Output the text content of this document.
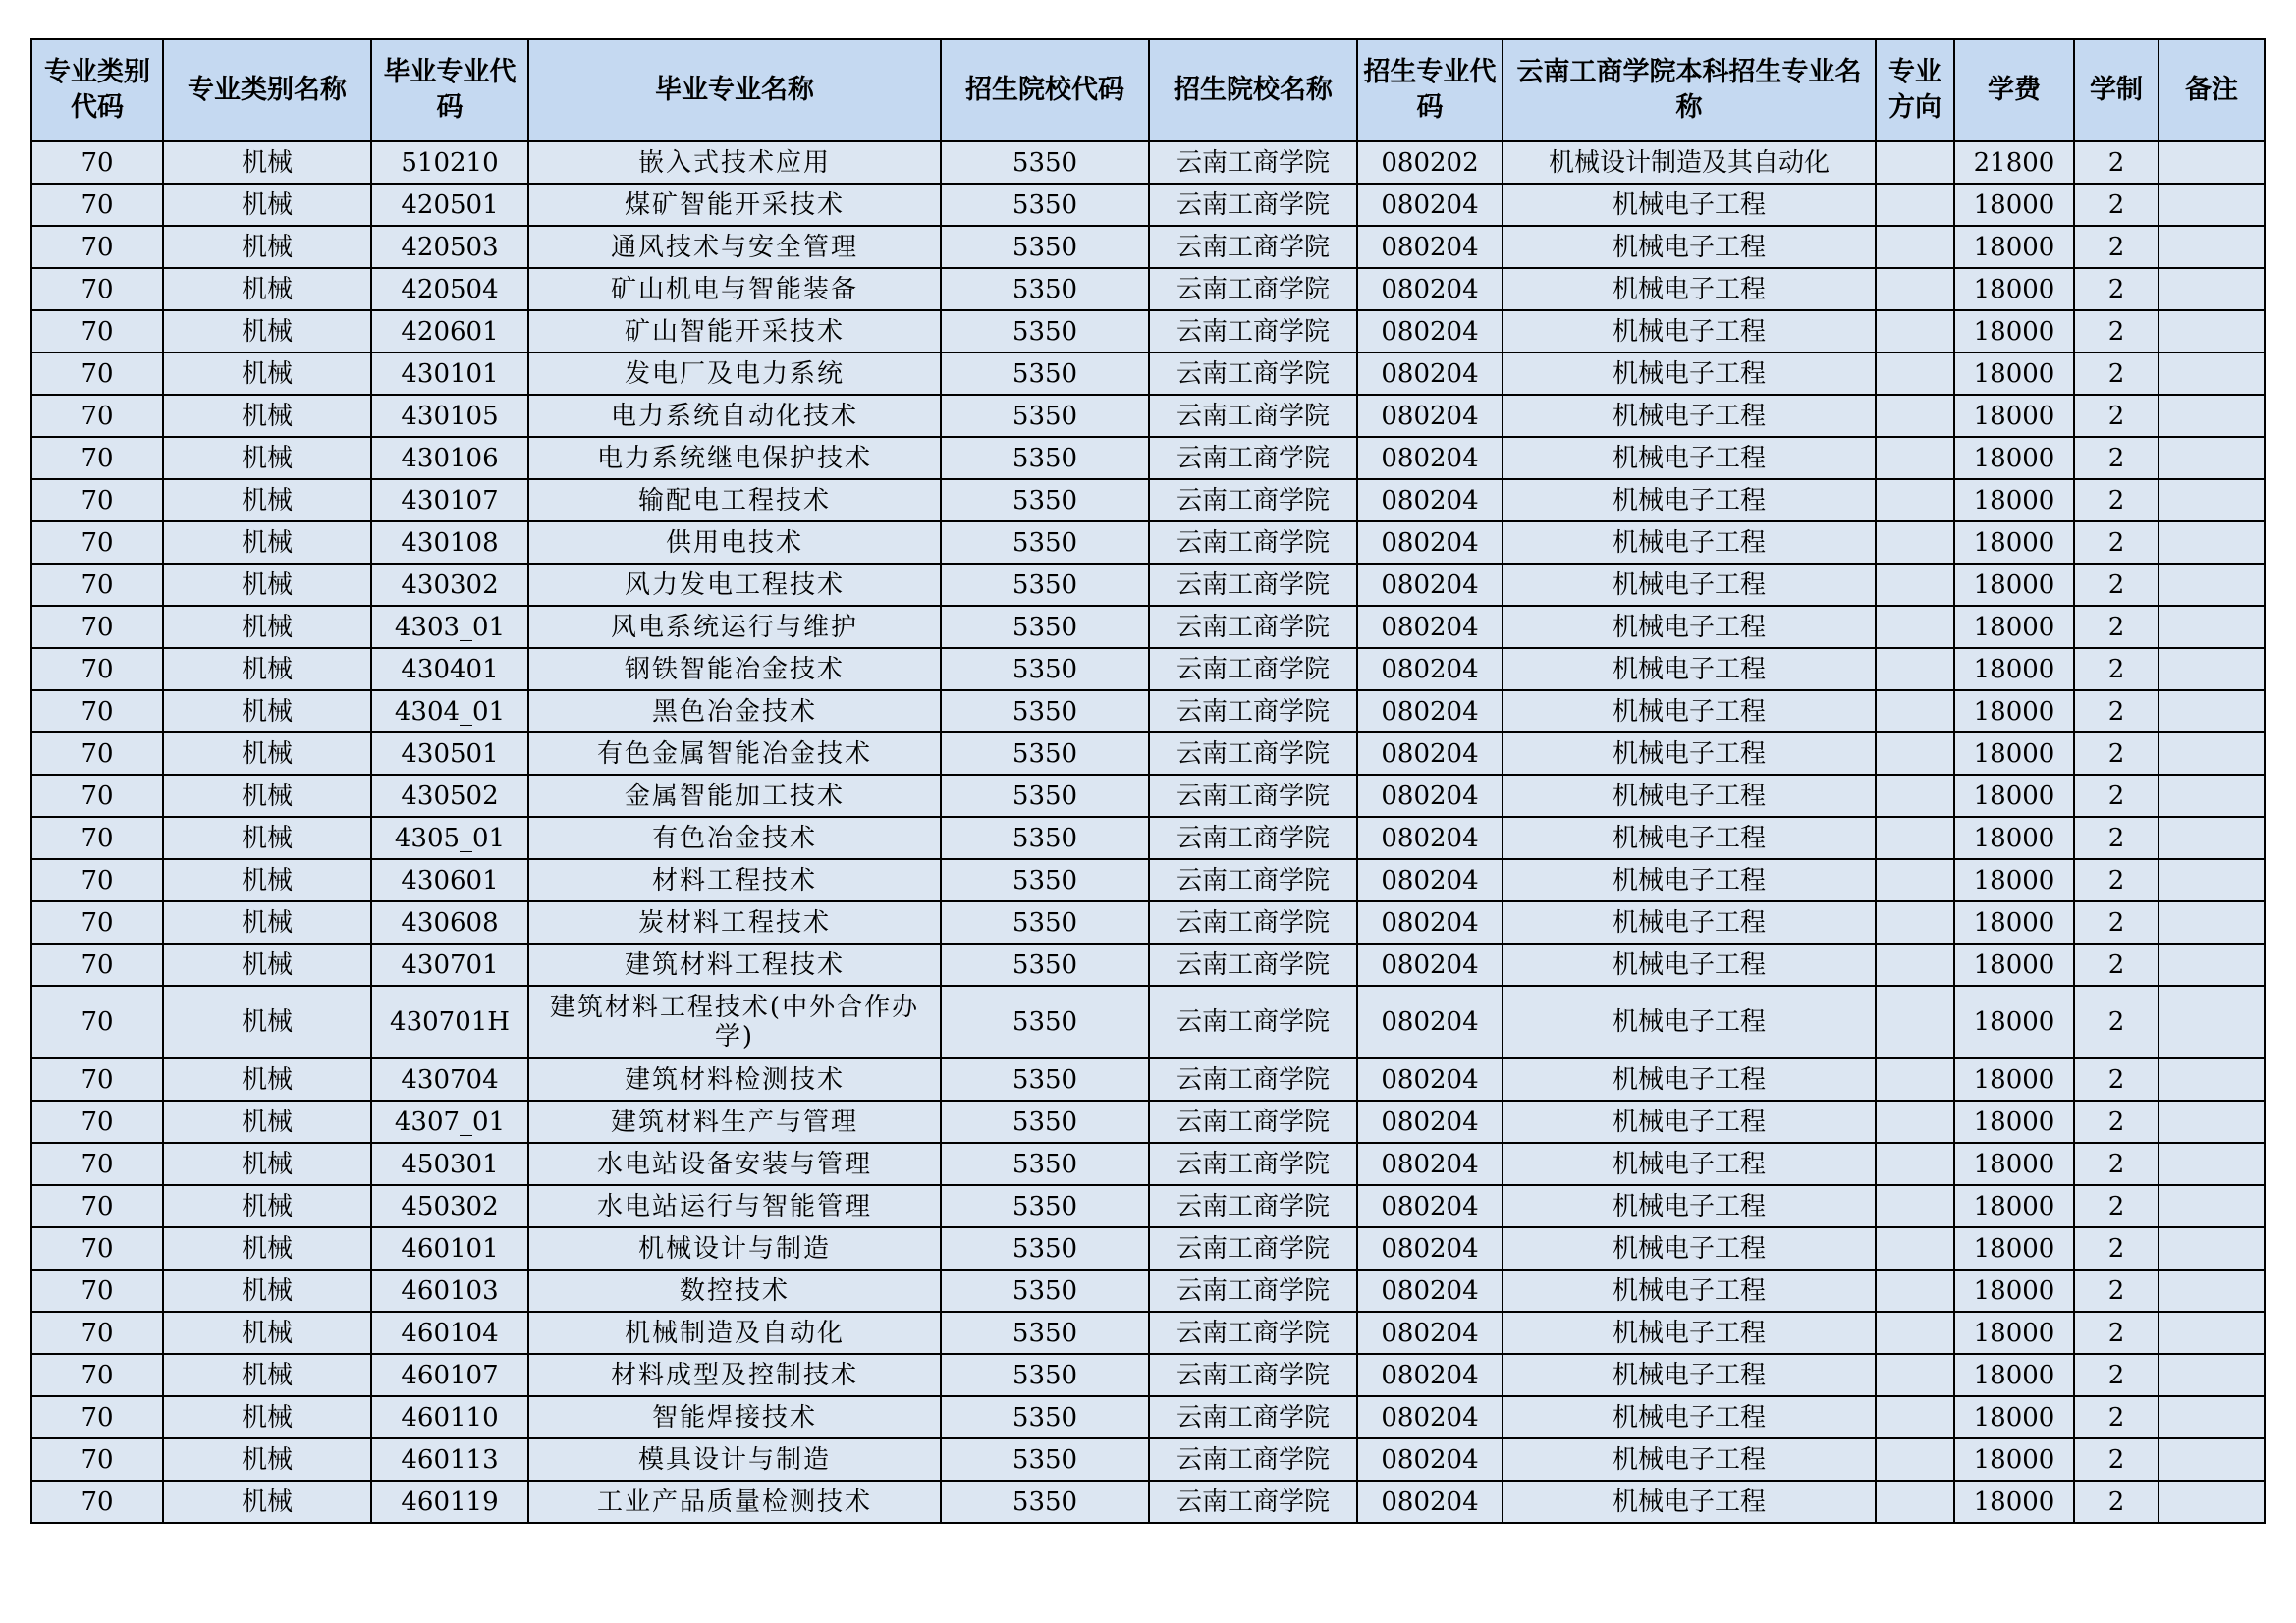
专业类别代码	专业类别名称	毕业专业代码	毕业专业名称	招生院校代码	招生院校名称	招生专业代码	云南工商学院本科招生专业名称	专业方向	学费	学制	备注
70	机械	510210	嵌入式技术应用	5350	云南工商学院	080202	机械设计制造及其自动化		21800	2	
70	机械	420501	煤矿智能开采技术	5350	云南工商学院	080204	机械电子工程		18000	2	
70	机械	420503	通风技术与安全管理	5350	云南工商学院	080204	机械电子工程		18000	2	
70	机械	420504	矿山机电与智能装备	5350	云南工商学院	080204	机械电子工程		18000	2	
70	机械	420601	矿山智能开采技术	5350	云南工商学院	080204	机械电子工程		18000	2	
70	机械	430101	发电厂及电力系统	5350	云南工商学院	080204	机械电子工程		18000	2	
70	机械	430105	电力系统自动化技术	5350	云南工商学院	080204	机械电子工程		18000	2	
70	机械	430106	电力系统继电保护技术	5350	云南工商学院	080204	机械电子工程		18000	2	
70	机械	430107	输配电工程技术	5350	云南工商学院	080204	机械电子工程		18000	2	
70	机械	430108	供用电技术	5350	云南工商学院	080204	机械电子工程		18000	2	
70	机械	430302	风力发电工程技术	5350	云南工商学院	080204	机械电子工程		18000	2	
70	机械	4303_01	风电系统运行与维护	5350	云南工商学院	080204	机械电子工程		18000	2	
70	机械	430401	钢铁智能冶金技术	5350	云南工商学院	080204	机械电子工程		18000	2	
70	机械	4304_01	黑色冶金技术	5350	云南工商学院	080204	机械电子工程		18000	2	
70	机械	430501	有色金属智能冶金技术	5350	云南工商学院	080204	机械电子工程		18000	2	
70	机械	430502	金属智能加工技术	5350	云南工商学院	080204	机械电子工程		18000	2	
70	机械	4305_01	有色冶金技术	5350	云南工商学院	080204	机械电子工程		18000	2	
70	机械	430601	材料工程技术	5350	云南工商学院	080204	机械电子工程		18000	2	
70	机械	430608	炭材料工程技术	5350	云南工商学院	080204	机械电子工程		18000	2	
70	机械	430701	建筑材料工程技术	5350	云南工商学院	080204	机械电子工程		18000	2	
70	机械	430701H	建筑材料工程技术(中外合作办学)	5350	云南工商学院	080204	机械电子工程		18000	2	
70	机械	430704	建筑材料检测技术	5350	云南工商学院	080204	机械电子工程		18000	2	
70	机械	4307_01	建筑材料生产与管理	5350	云南工商学院	080204	机械电子工程		18000	2	
70	机械	450301	水电站设备安装与管理	5350	云南工商学院	080204	机械电子工程		18000	2	
70	机械	450302	水电站运行与智能管理	5350	云南工商学院	080204	机械电子工程		18000	2	
70	机械	460101	机械设计与制造	5350	云南工商学院	080204	机械电子工程		18000	2	
70	机械	460103	数控技术	5350	云南工商学院	080204	机械电子工程		18000	2	
70	机械	460104	机械制造及自动化	5350	云南工商学院	080204	机械电子工程		18000	2	
70	机械	460107	材料成型及控制技术	5350	云南工商学院	080204	机械电子工程		18000	2	
70	机械	460110	智能焊接技术	5350	云南工商学院	080204	机械电子工程		18000	2	
70	机械	460113	模具设计与制造	5350	云南工商学院	080204	机械电子工程		18000	2	
70	机械	460119	工业产品质量检测技术	5350	云南工商学院	080204	机械电子工程		18000	2	
